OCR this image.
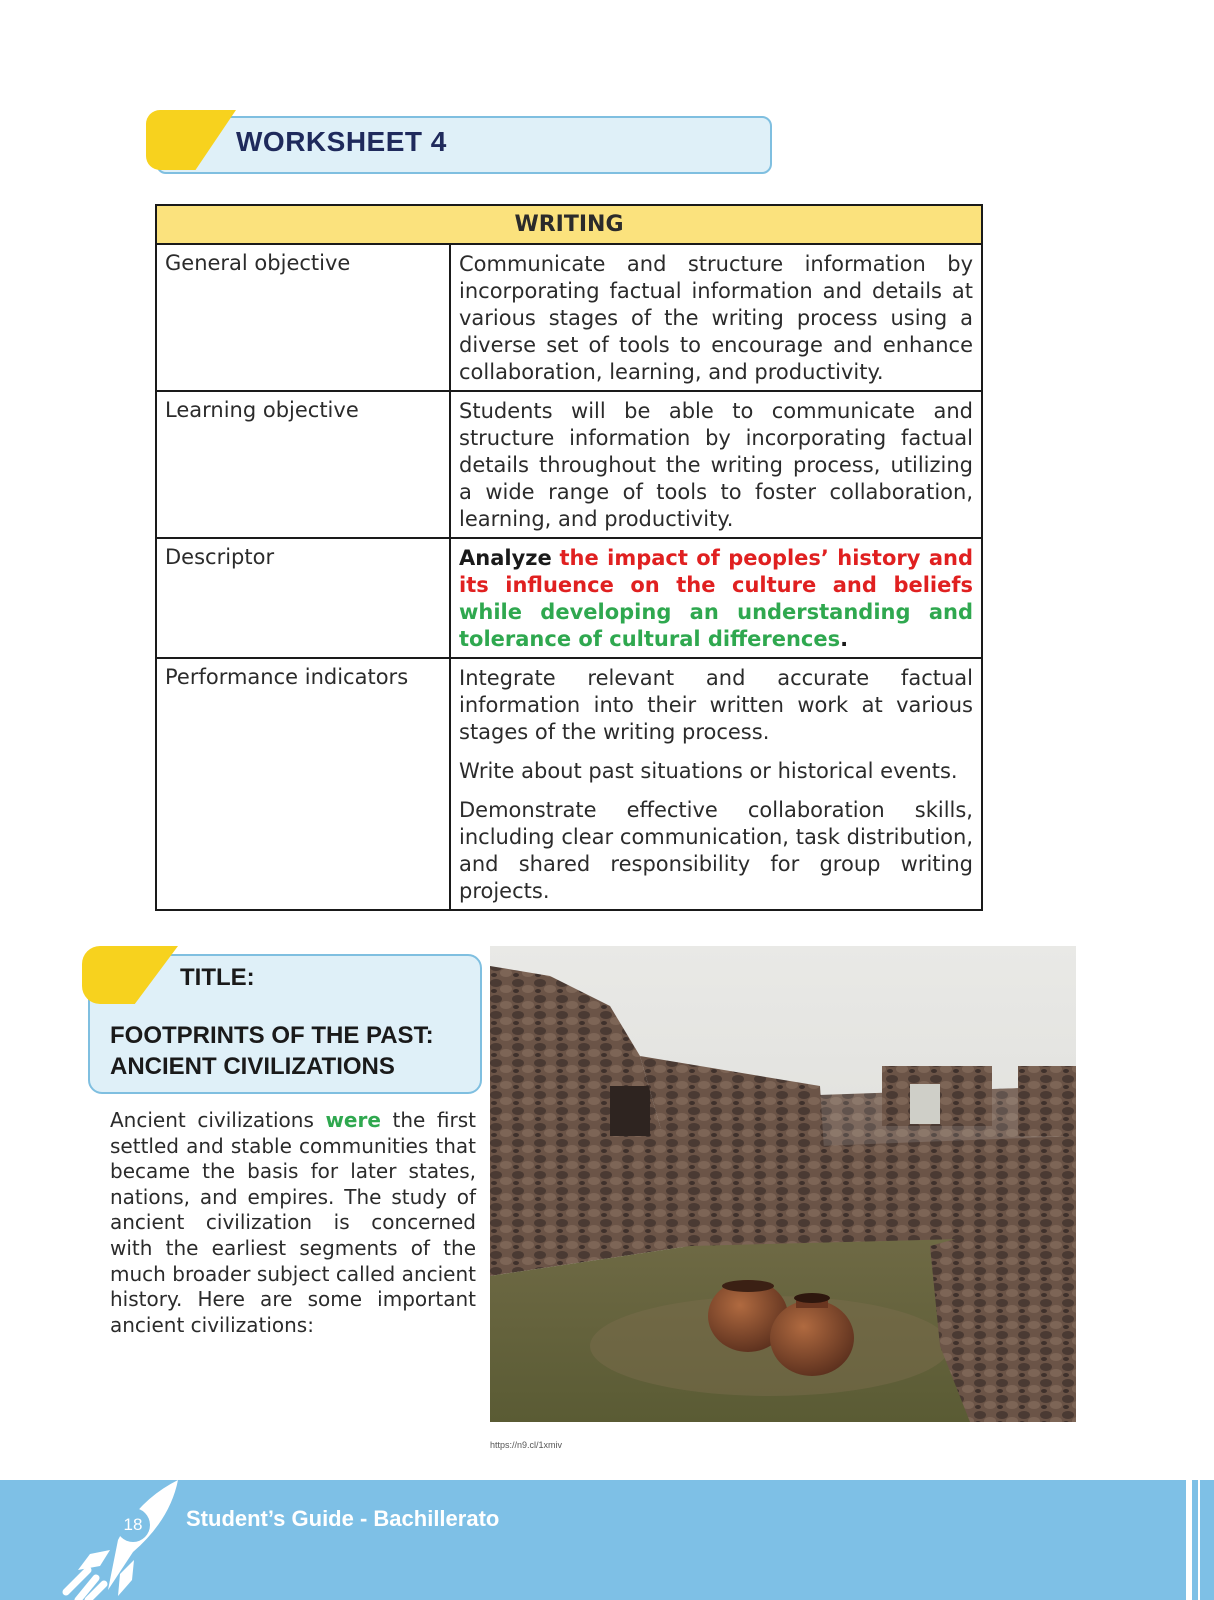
WORKSHEET 4
WRITING	
General objective	Communicate and structure information by incorporating factual information and details at various stages of the writing process using a diverse set of tools to encourage and enhance collaboration, learning, and productivity.
Learning objective	Students will be able to communicate and structure information by incorporating factual details throughout the writing process, utilizing a wide range of tools to foster collaboration, learning, and productivity.
Descriptor	Analyze the impact of peoples’ history and its influence on the culture and beliefs while developing an understanding and tolerance of cultural differences.
Performance indicators	Integrate relevant and accurate factual information into their written work at various stages of the writing process.

Write about past situations or historical events.

Demonstrate effective collaboration skills, including clear communication, task distribution, and shared responsibility for group writing projects.

TITLE:
FOOTPRINTS OF THE PAST:
ANCIENT CIVILIZATIONS
Ancient civilizations were the first settled and stable communities that became the basis for later states, nations, and empires. The study of ancient civilization is concerned with the earliest segments of the much broader subject called ancient history. Here are some important ancient civilizations:
https://n9.cl/1xmiv
18	Student’s Guide - Bachillerato
